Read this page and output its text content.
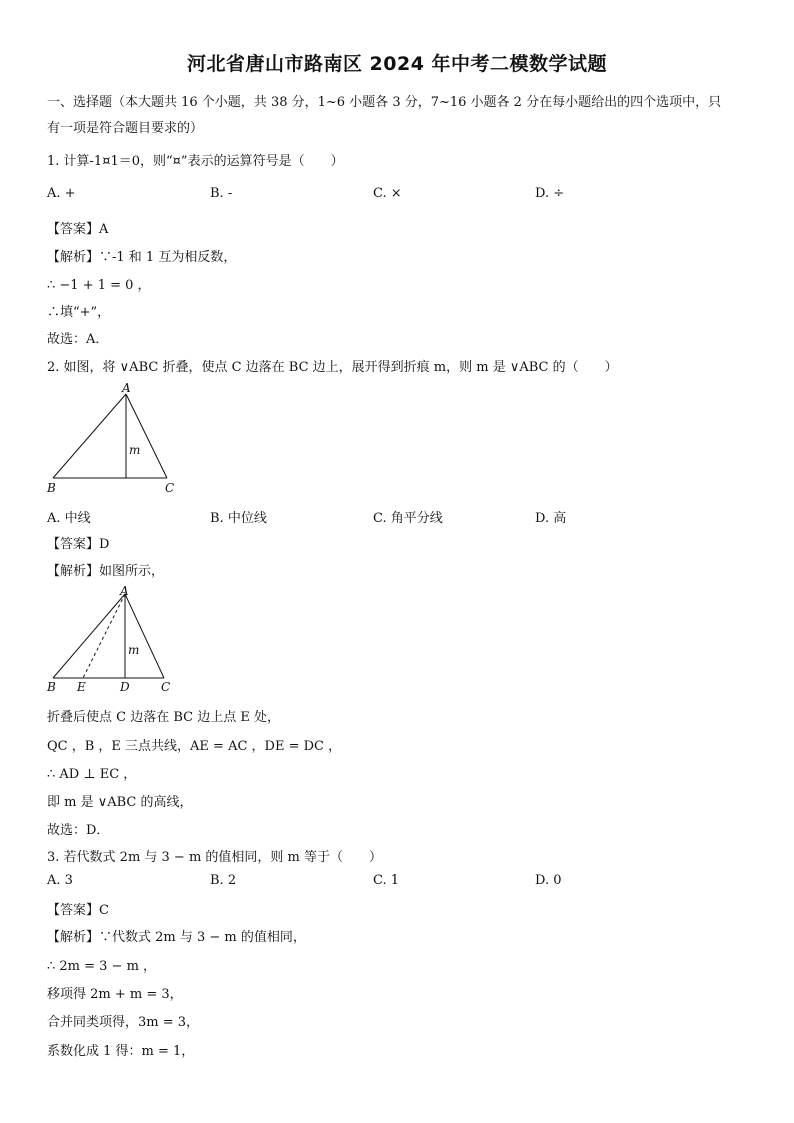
河北省唐山市路南区 2024 年中考二模数学试题
一、选择题（本大题共 16 个小题，共 38 分，1~6 小题各 3 分，7~16 小题各 2 分在每小题给出的四个选项中，只
有一项是符合题目要求的）
1. 计算-1¤1＝0，则“¤”表示的运算符号是（　　）
A. +	B. -	C. ×	D. ÷
【答案】A
【解析】∵-1 和 1 互为相反数，
∴ −1 + 1 = 0 ，
∴填“+”，
故选：A．
2. 如图，将 ∨ABC 折叠，使点 C 边落在 BC 边上，展开得到折痕 m，则 m 是 ∨ABC 的（　　）
A
B	C
m
A. 中线	B. 中位线	C. 角平分线	D. 高
【答案】D
【解析】如图所示，
A
B E	D	C
m
折叠后使点 C 边落在 BC 边上点 E 处，
QC ，B ，E 三点共线，AE = AC ，DE = DC ，
∴ AD ⊥ EC ，
即 m 是 ∨ABC 的高线，
故选：D．
3. 若代数式 2m 与 3 − m 的值相同，则 m 等于（　　）
A. 3	B. 2	C. 1	D. 0
【答案】C
【解析】∵代数式 2m 与 3 − m 的值相同，
∴ 2m = 3 − m ，
移项得 2m + m = 3，
合并同类项得，3m = 3，
系数化成 1 得：m = 1，
